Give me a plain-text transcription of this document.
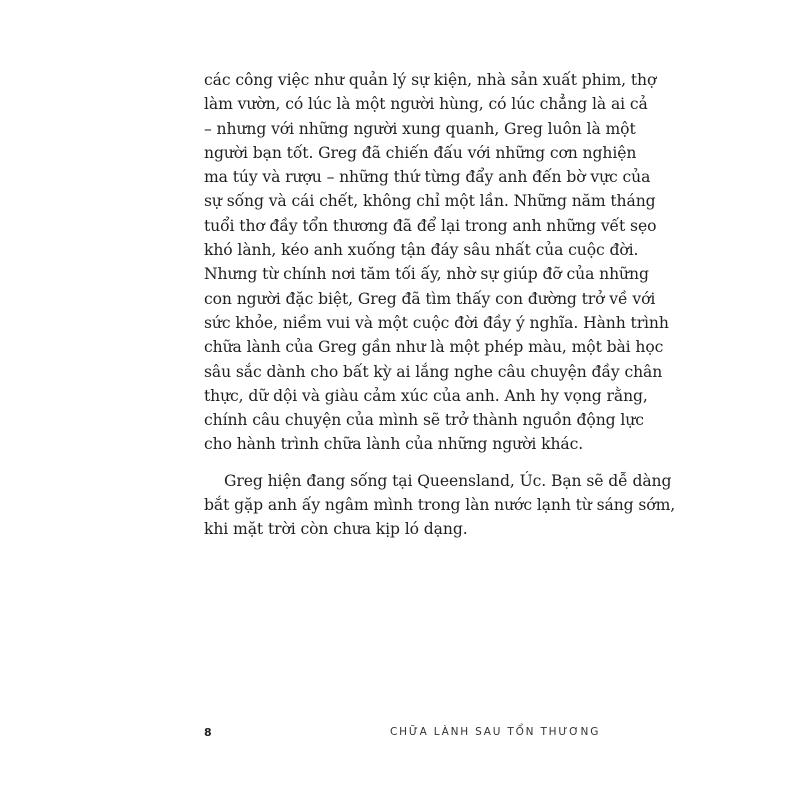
các công việc như quản lý sự kiện, nhà sản xuất phim, thợ
làm vườn, có lúc là một người hùng, có lúc chẳng là ai cả
– nhưng với những người xung quanh, Greg luôn là một
người bạn tốt. Greg đã chiến đấu với những cơn nghiện
ma túy và rượu – những thứ từng đẩy anh đến bờ vực của
sự sống và cái chết, không chỉ một lần. Những năm tháng
tuổi thơ đầy tổn thương đã để lại trong anh những vết sẹo
khó lành, kéo anh xuống tận đáy sâu nhất của cuộc đời.
Nhưng từ chính nơi tăm tối ấy, nhờ sự giúp đỡ của những
con người đặc biệt, Greg đã tìm thấy con đường trở về với
sức khỏe, niềm vui và một cuộc đời đầy ý nghĩa. Hành trình
chữa lành của Greg gần như là một phép màu, một bài học
sâu sắc dành cho bất kỳ ai lắng nghe câu chuyện đầy chân
thực, dữ dội và giàu cảm xúc của anh. Anh hy vọng rằng,
chính câu chuyện của mình sẽ trở thành nguồn động lực
cho hành trình chữa lành của những người khác.

Greg hiện đang sống tại Queensland, Úc. Bạn sẽ dễ dàng
bắt gặp anh ấy ngâm mình trong làn nước lạnh từ sáng sớm,
khi mặt trời còn chưa kịp ló dạng.

8	CHỮA LÀNH SAU TỔN THƯƠNG
